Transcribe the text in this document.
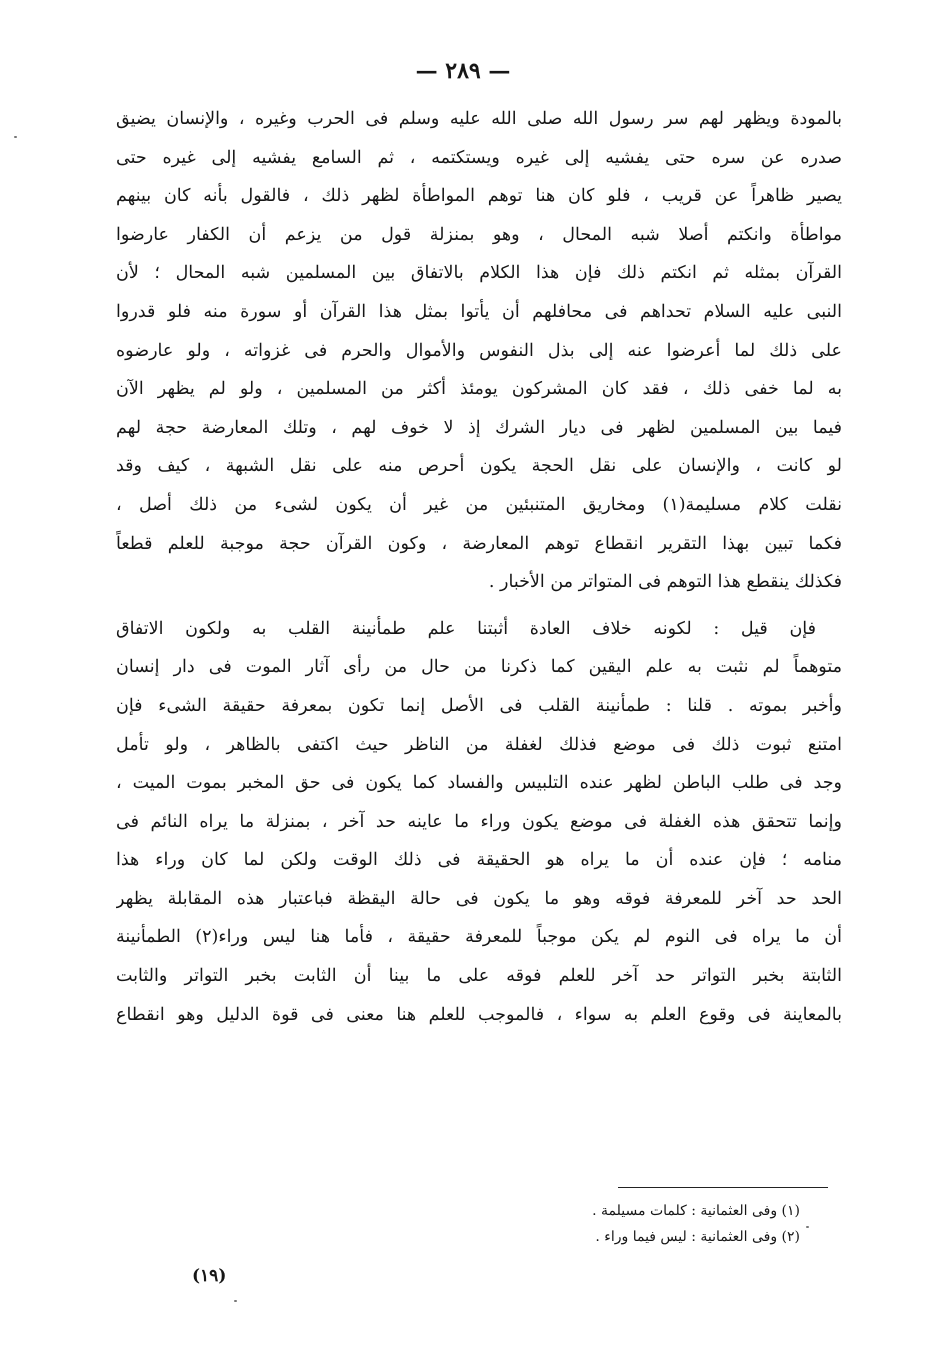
— ٢٨٩ —
بالمودة ويظهر لهم سر رسول الله صلى الله عليه وسلم فى الحرب وغيره ، والإنسان يضيق
صدره عن سره حتى يفشيه إلى غيره ويستكتمه ، ثم السامع يفشيه إلى غيره حتى
يصير ظاهراً عن قريب ، فلو كان هنا توهم المواطأة لظهر ذلك ، فالقول بأنه كان بينهم
مواطأة وانكتم أصلا شبه المحال ، وهو بمنزلة قول من يزعم أن الكفار عارضوا
القرآن بمثله ثم انكتم ذلك فإن هذا الكلام بالاتفاق بين المسلمين شبه المحال ؛ لأن
النبى عليه السلام تحداهم فى محافلهم أن يأتوا بمثل هذا القرآن أو سورة منه فلو قدروا
على ذلك لما أعرضوا عنه إلى بذل النفوس والأموال والحرم فى غزواته ، ولو عارضوه
به لما خفى ذلك ، فقد كان المشركون يومئذ أكثر من المسلمين ، ولو لم يظهر الآن
فيما بين المسلمين لظهر فى ديار الشرك إذ لا خوف لهم ، وتلك المعارضة حجة لهم
لو كانت ، والإنسان على نقل الحجة يكون أحرص منه على نقل الشبهة ، كيف وقد
نقلت كلام مسليمة(١) ومخاريق المتنبئين من غير أن يكون لشىء من ذلك أصل ،
فكما تبين بهذا التقرير انقطاع توهم المعارضة ، وكون القرآن حجة موجبة للعلم قطعاً
فكذلك ينقطع هذا التوهم فى المتواتر من الأخبار .
فإن قيل : لكونه خلاف العادة أثبتنا علم طمأنينة القلب به ولكون الاتفاق
متوهماً لم نثبت به علم اليقين كما ذكرنا من حال من رأى آثار الموت فى دار إنسان
وأخبر بموته . قلنا : طمأنينة القلب فى الأصل إنما تكون بمعرفة حقيقة الشىء فإن
امتنع ثبوت ذلك فى موضع فذلك لغفلة من الناظر حيث اكتفى بالظاهر ، ولو تأمل
وجد فى طلب الباطن لظهر عنده التلبيس والفساد كما يكون فى حق المخبر بموت الميت ،
وإنما تتحقق هذه الغفلة فى موضع يكون وراء ما عاينه حد آخر ، بمنزلة ما يراه النائم فى
منامه ؛ فإن عنده أن ما يراه هو الحقيقة فى ذلك الوقت ولكن لما كان وراء هذا
الحد حد آخر للمعرفة فوقه وهو ما يكون فى حالة اليقظة فباعتبار هذه المقابلة يظهر
أن ما يراه فى النوم لم يكن موجباً للمعرفة حقيقة ، فأما هنا ليس وراء(٢) الطمأنينة
الثابتة بخبر التواتر حد آخر للعلم فوقه على ما بينا أن الثابت بخبر التواتر والثابت
بالمعاينة فى وقوع العلم به سواء ، فالموجب للعلم هنا معنى فى قوة الدليل وهو انقطاع
(١) وفى العثمانية : كلمات مسيلمة .
(٢) وفى العثمانية : ليس فيما وراء .
(١٩)
